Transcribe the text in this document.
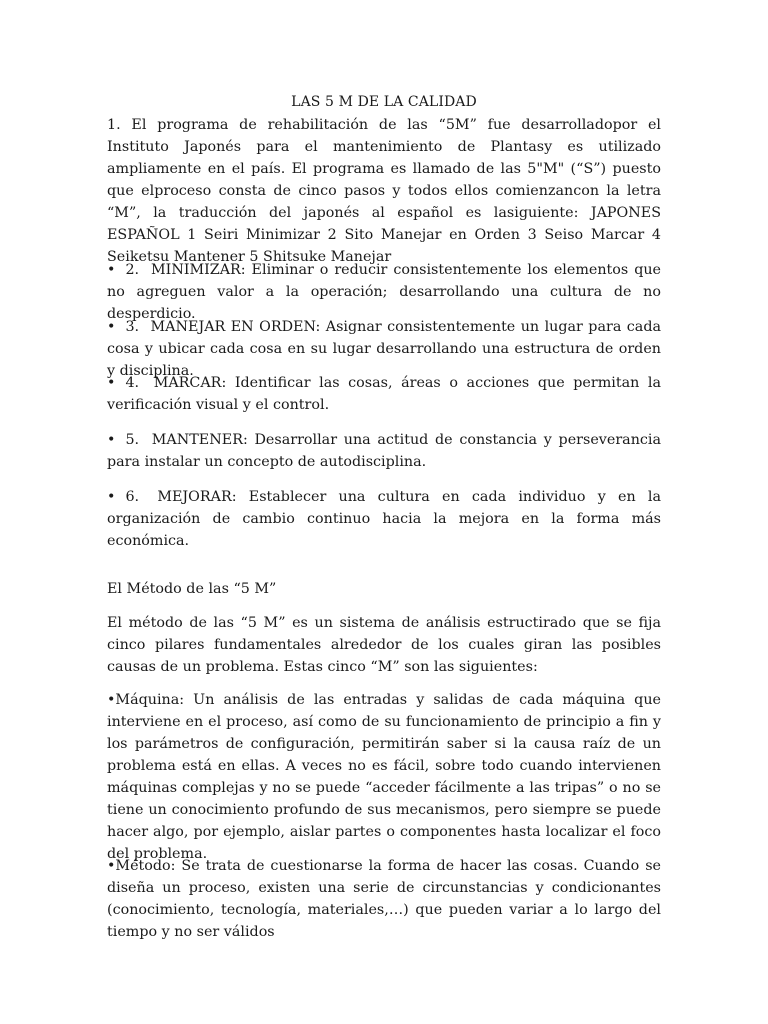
LAS 5 M DE LA CALIDAD

1. El programa de rehabilitación de las “5M” fue desarrolladopor el Instituto Japonés para el mantenimiento de Plantasy es utilizado ampliamente en el país. El programa es llamado de las 5"M" (“S”) puesto que elproceso consta de cinco pasos y todos ellos comienzancon la letra “M”, la traducción del japonés al español es lasiguiente: JAPONES ESPAÑOL 1 Seiri Minimizar 2 Sito Manejar en Orden 3 Seiso Marcar 4 Seiketsu Mantener 5 Shitsuke Manejar

• 2. MINIMIZAR: Eliminar o reducir consistentemente los elementos que no agreguen valor a la operación; desarrollando una cultura de no desperdicio.

• 3. MANEJAR EN ORDEN: Asignar consistentemente un lugar para cada cosa y ubicar cada cosa en su lugar desarrollando una estructura de orden y disciplina.

• 4. MARCAR: Identificar las cosas, áreas o acciones que permitan la verificación visual y el control.

• 5. MANTENER: Desarrollar una actitud de constancia y perseverancia para instalar un concepto de autodisciplina.

• 6. MEJORAR: Establecer una cultura en cada individuo y en la organización de cambio continuo hacia la mejora en la forma más económica.

El Método de las “5 M”

El método de las “5 M” es un sistema de análisis estructirado que se fija cinco pilares fundamentales alrededor de los cuales giran las posibles causas de un problema. Estas cinco “M” son las siguientes:

•Máquina: Un análisis de las entradas y salidas de cada máquina que interviene en el proceso, así como de su funcionamiento de principio a fin y los parámetros de configuración, permitirán saber si la causa raíz de un problema está en ellas. A veces no es fácil, sobre todo cuando intervienen máquinas complejas y no se puede “acceder fácilmente a las tripas” o no se tiene un conocimiento profundo de sus mecanismos, pero siempre se puede hacer algo, por ejemplo, aislar partes o componentes hasta localizar el foco del problema.

•Método: Se trata de cuestionarse la forma de hacer las cosas. Cuando se diseña un proceso, existen una serie de circunstancias y condicionantes (conocimiento, tecnología, materiales,…) que pueden variar a lo largo del tiempo y no ser válidos
